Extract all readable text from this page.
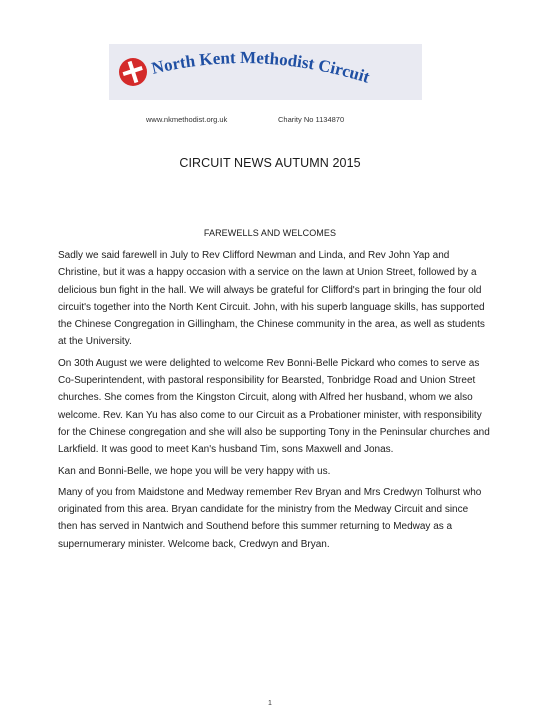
North Kent Methodist Circuit
www.nkmethodist.org.uk	Charity No 1134870
CIRCUIT NEWS AUTUMN 2015
FAREWELLS AND WELCOMES

Sadly we said farewell in July to Rev Clifford Newman and Linda, and Rev John Yap and Christine, but it was a happy occasion with a service on the lawn at Union Street, followed by a delicious bun fight in the hall. We will always be grateful for Clifford's part in bringing the four old circuit's together into the North Kent Circuit. John, with his superb language skills, has supported the Chinese Congregation in Gillingham, the Chinese community in the area, as well as students at the University.

On 30th August we were delighted to welcome Rev Bonni-Belle Pickard who comes to serve as Co-Superintendent, with pastoral responsibility for Bearsted, Tonbridge Road and Union Street churches. She comes from the Kingston Circuit, along with Alfred her husband, whom we also welcome. Rev. Kan Yu has also come to our Circuit as a Probationer minister, with responsibility for the Chinese congregation and she will also be supporting Tony in the Peninsular churches and Larkfield. It was good to meet Kan's husband Tim, sons Maxwell and Jonas.

Kan and Bonni-Belle, we hope you will be very happy with us.

Many of you from Maidstone and Medway remember Rev Bryan and Mrs Credwyn Tolhurst who originated from this area. Bryan candidate for the ministry from the Medway Circuit and since then has served in Nantwich and Southend before this summer returning to Medway as a supernumerary minister. Welcome back, Credwyn and Bryan.

1
